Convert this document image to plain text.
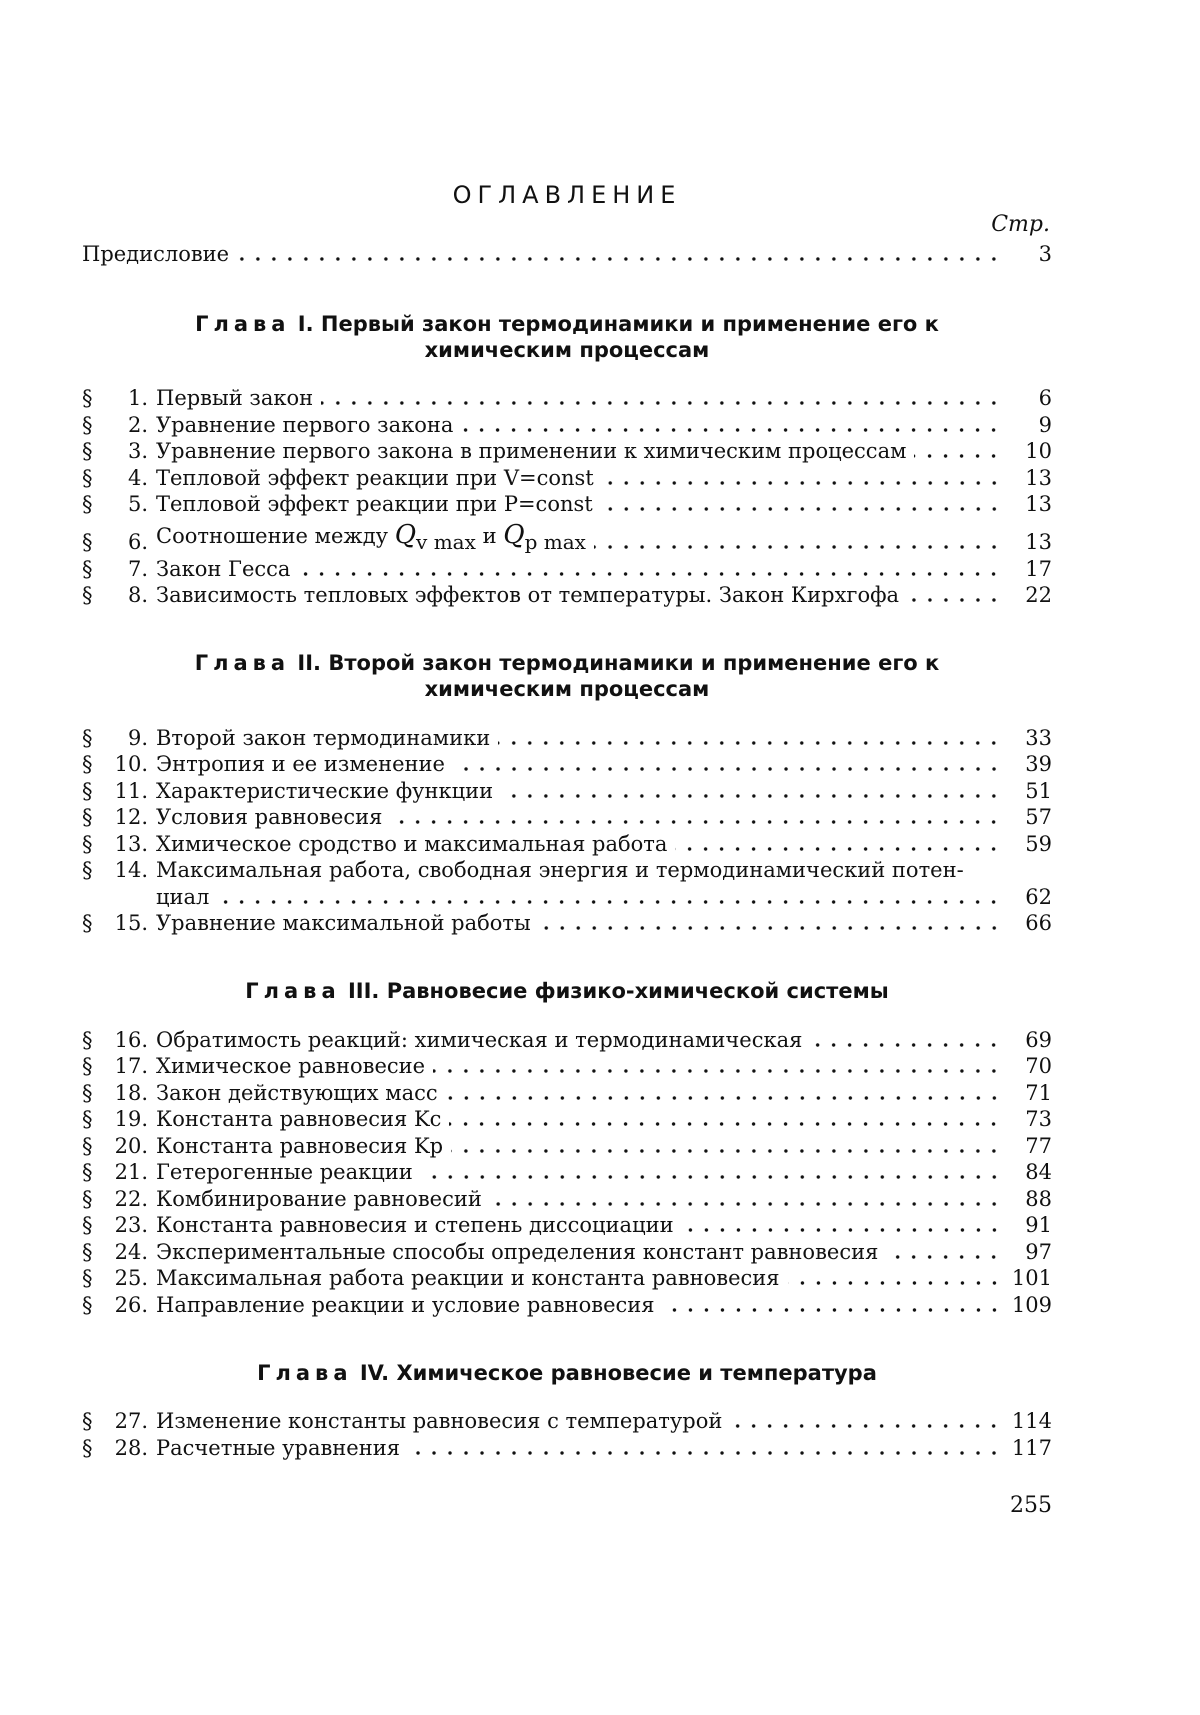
ОГЛАВЛЕНИЕ
Стр.
Предисловие	3
Глава I. Первый закон термодинамики и применение его к
химическим процессам
§	1. Первый закон	6
§	2. Уравнение первого закона	9
§	3. Уравнение первого закона в применении к химическим процессам	10
§	4. Тепловой эффект реакции при V=const	13
§	5. Тепловой эффект реакции при P=const	13
§	6. Соотношение между Qv max и Qp max	13
§	7. Закон Гесса	17
§	8. Зависимость тепловых эффектов от температуры. Закон Кирхгофа	22
Глава II. Второй закон термодинамики и применение его к
химическим процессам
§	9. Второй закон термодинамики	33
§	10. Энтропия и ее изменение	39
§	11. Характеристические функции	51
§	12. Условия равновесия	57
§	13. Химическое сродство и максимальная работа	59
§	14. Максимальная работа, свободная энергия и термодинамический потен-
циал	62
§	15. Уравнение максимальной работы	66
Глава III. Равновесие физико-химической системы
§	16. Обратимость реакций: химическая и термодинамическая	69
§	17. Химическое равновесие	70
§	18. Закон действующих масс	71
§	19. Константа равновесия Kc	73
§	20. Константа равновесия Kp	77
§	21. Гетерогенные реакции	84
§	22. Комбинирование равновесий	88
§	23. Константа равновесия и степень диссоциации	91
§	24. Экспериментальные способы определения констант равновесия	97
§	25. Максимальная работа реакции и константа равновесия	101
§	26. Направление реакции и условие равновесия	109
Глава IV. Химическое равновесие и температура
§	27. Изменение константы равновесия с температурой	114
§	28. Расчетные уравнения	117
255
